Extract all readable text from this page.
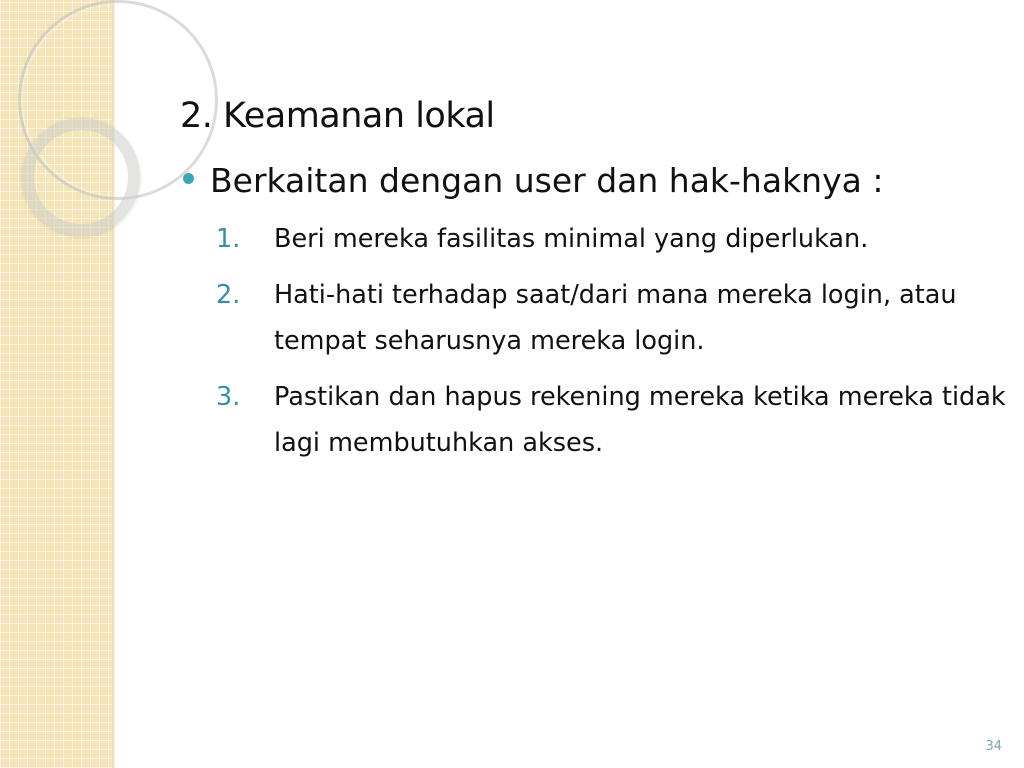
2. Keamanan lokal
Berkaitan dengan user dan hak-haknya :
1.	Beri mereka fasilitas minimal yang diperlukan.
2.	Hati-hati terhadap saat/dari mana mereka login, atau tempat seharusnya mereka login.
3.	Pastikan dan hapus rekening mereka ketika mereka tidak lagi membutuhkan akses.
34
